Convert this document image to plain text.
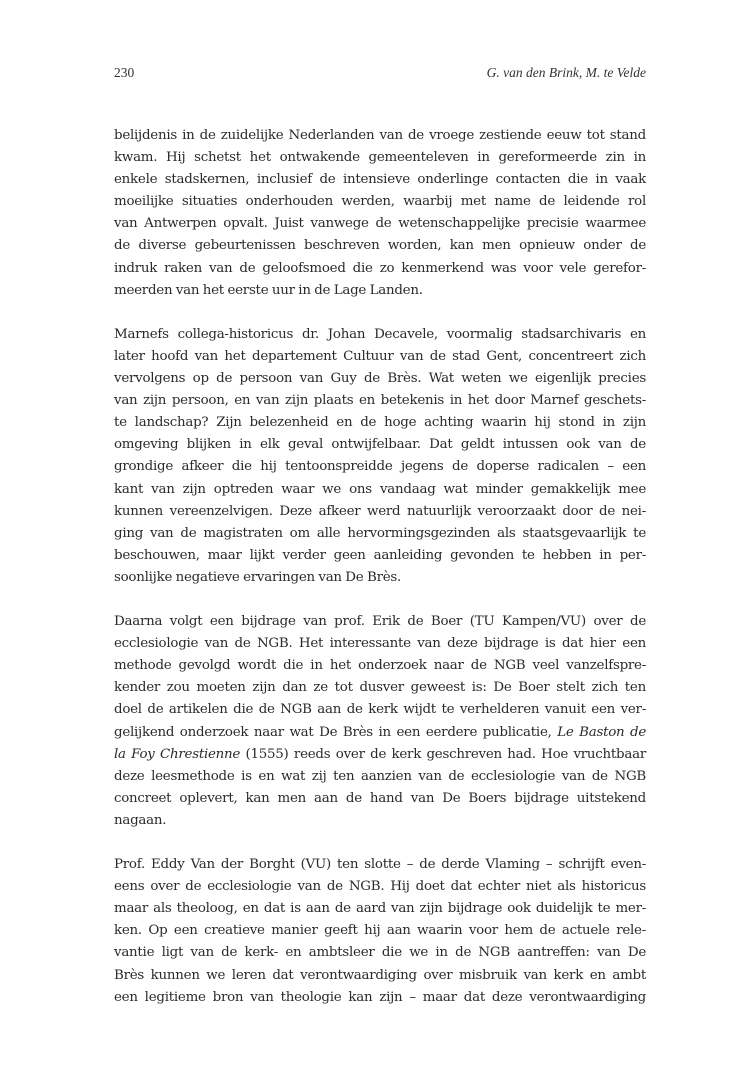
230	G. van den Brink, M. te Velde

belijdenis in de zuidelijke Nederlanden van de vroege zestiende eeuw tot stand
kwam. Hij schetst het ontwakende gemeenteleven in gereformeerde zin in
enkele stadskernen, inclusief de intensieve onderlinge contacten die in vaak
moeilijke situaties onderhouden werden, waarbij met name de leidende rol
van Antwerpen opvalt. Juist vanwege de wetenschappelijke precisie waarmee
de diverse gebeurtenissen beschreven worden, kan men opnieuw onder de
indruk raken van de geloofsmoed die zo kenmerkend was voor vele gerefor-
meerden van het eerste uur in de Lage Landen.

Marnefs collega-historicus dr. Johan Decavele, voormalig stadsarchivaris en
later hoofd van het departement Cultuur van de stad Gent, concentreert zich
vervolgens op de persoon van Guy de Brès. Wat weten we eigenlijk precies
van zijn persoon, en van zijn plaats en betekenis in het door Marnef geschets-
te landschap? Zijn belezenheid en de hoge achting waarin hij stond in zijn
omgeving blijken in elk geval ontwijfelbaar. Dat geldt intussen ook van de
grondige afkeer die hij tentoonspreidde jegens de doperse radicalen – een
kant van zijn optreden waar we ons vandaag wat minder gemakkelijk mee
kunnen vereenzelvigen. Deze afkeer werd natuurlijk veroorzaakt door de nei-
ging van de magistraten om alle hervormingsgezinden als staatsgevaarlijk te
beschouwen, maar lijkt verder geen aanleiding gevonden te hebben in per-
soonlijke negatieve ervaringen van De Brès.

Daarna volgt een bijdrage van prof. Erik de Boer (TU Kampen/VU) over de
ecclesiologie van de NGB. Het interessante van deze bijdrage is dat hier een
methode gevolgd wordt die in het onderzoek naar de NGB veel vanzelfspre-
kender zou moeten zijn dan ze tot dusver geweest is: De Boer stelt zich ten
doel de artikelen die de NGB aan de kerk wijdt te verhelderen vanuit een ver-
gelijkend onderzoek naar wat De Brès in een eerdere publicatie, Le Baston de
la Foy Chrestienne (1555) reeds over de kerk geschreven had. Hoe vruchtbaar
deze leesmethode is en wat zij ten aanzien van de ecclesiologie van de NGB
concreet oplevert, kan men aan de hand van De Boers bijdrage uitstekend
nagaan.

Prof. Eddy Van der Borght (VU) ten slotte – de derde Vlaming – schrijft even-
eens over de ecclesiologie van de NGB. Hij doet dat echter niet als historicus
maar als theoloog, en dat is aan de aard van zijn bijdrage ook duidelijk te mer-
ken. Op een creatieve manier geeft hij aan waarin voor hem de actuele rele-
vantie ligt van de kerk- en ambtsleer die we in de NGB aantreffen: van De
Brès kunnen we leren dat verontwaardiging over misbruik van kerk en ambt
een legitieme bron van theologie kan zijn – maar dat deze verontwaardiging
